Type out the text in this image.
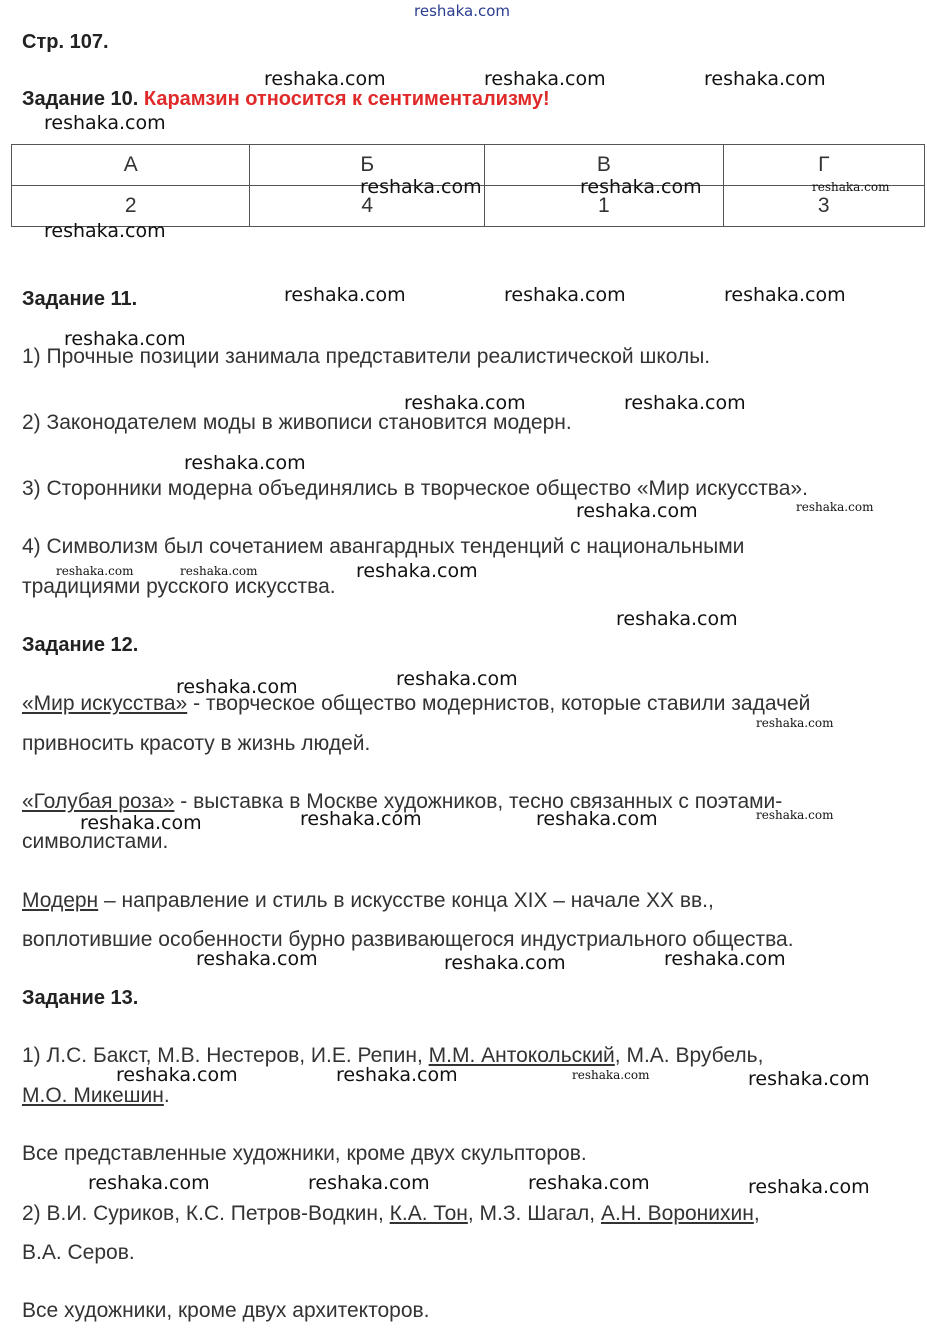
reshaka.com
Стр. 107.
Задание 10. Карамзин относится к сентиментализму!
А	Б	В	Г
2	4	1	3
Задание 11.
1) Прочные позиции занимала представители реалистической школы.
2) Законодателем моды в живописи становится модерн.
3) Сторонники модерна объединялись в творческое общество «Мир искусства».
4) Символизм был сочетанием авангардных тенденций с национальными
традициями русского искусства.
Задание 12.
«Мир искусства» - творческое общество модернистов, которые ставили задачей
привносить красоту в жизнь людей.
«Голубая роза» - выставка в Москве художников, тесно связанных с поэтами-
символистами.
Модерн – направление и стиль в искусстве конца XIX – начале XX вв.,
воплотившие особенности бурно развивающегося индустриального общества.
Задание 13.
1) Л.С. Бакст, М.В. Нестеров, И.Е. Репин, М.М. Антокольский, М.А. Врубель,
М.О. Микешин.
Все представленные художники, кроме двух скульпторов.
2) В.И. Суриков, К.С. Петров-Водкин, К.А. Тон, М.З. Шагал, А.Н. Воронихин,
В.А. Серов.
Все художники, кроме двух архитекторов.
reshaka.com	reshaka.com	reshaka.com
reshaka.com
reshaka.com	reshaka.com
reshaka.com
reshaka.com	reshaka.com	reshaka.com
reshaka.com
reshaka.com	reshaka.com
reshaka.com
reshaka.com
reshaka.com
reshaka.com
reshaka.com
reshaka.com
reshaka.com	reshaka.com	reshaka.com
reshaka.com	reshaka.com	reshaka.com
reshaka.com	reshaka.com	reshaka.com
reshaka.com	reshaka.com	reshaka.com	reshaka.com
reshaka.com
reshaka.com
reshaka.com	reshaka.com
reshaka.com
reshaka.com
reshaka.com
